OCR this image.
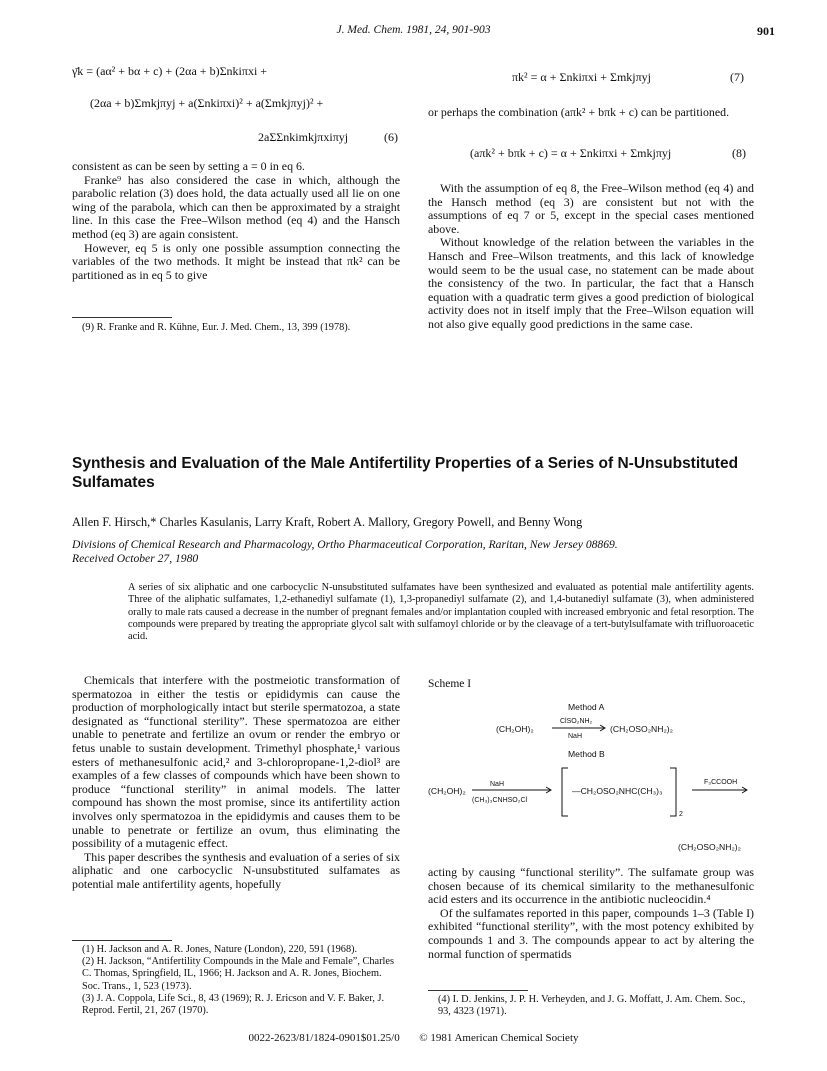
J. Med. Chem. 1981, 24, 901-903	901
γ̄k = (aα² + bα + c) + (2αa + b)Σnkiπxi +
(2αa + b)Σmkjπyj + a(Σnkiπxi)² + a(Σmkjπyj)² +
2aΣΣnkimkjπxiπyj	(6)

consistent as can be seen by setting a = 0 in eq 6.

Franke⁹ has also considered the case in which, although the parabolic relation (3) does hold, the data actually used all lie on one wing of the parabola, which can then be approximated by a straight line. In this case the Free–Wilson method (eq 4) and the Hansch method (eq 3) are again consistent.

However, eq 5 is only one possible assumption connecting the variables of the two methods. It might be instead that πk² can be partitioned as in eq 5 to give

(9) R. Franke and R. Kühne, Eur. J. Med. Chem., 13, 399 (1978).
πk² = α + Σnkiπxi + Σmkjπyj	(7)
or perhaps the combination (aπk² + bπk + c) can be partitioned.
(aπk² + bπk + c) = α + Σnkiπxi + Σmkjπyj	(8)

With the assumption of eq 8, the Free–Wilson method (eq 4) and the Hansch method (eq 3) are consistent but not with the assumptions of eq 7 or 5, except in the special cases mentioned above.

Without knowledge of the relation between the variables in the Hansch and Free–Wilson treatments, and this lack of knowledge would seem to be the usual case, no statement can be made about the consistency of the two. In particular, the fact that a Hansch equation with a quadratic term gives a good prediction of biological activity does not in itself imply that the Free–Wilson equation will not also give equally good predictions in the same case.

Synthesis and Evaluation of the Male Antifertility Properties of a Series of N-Unsubstituted Sulfamates
Allen F. Hirsch,* Charles Kasulanis, Larry Kraft, Robert A. Mallory, Gregory Powell, and Benny Wong
Divisions of Chemical Research and Pharmacology, Ortho Pharmaceutical Corporation, Raritan, New Jersey 08869.
Received October 27, 1980
A series of six aliphatic and one carbocyclic N-unsubstituted sulfamates have been synthesized and evaluated as potential male antifertility agents. Three of the aliphatic sulfamates, 1,2-ethanediyl sulfamate (1), 1,3-propanediyl sulfamate (2), and 1,4-butanediyl sulfamate (3), when administered orally to male rats caused a decrease in the number of pregnant females and/or implantation coupled with increased embryonic and fetal resorption. The compounds were prepared by treating the appropriate glycol salt with sulfamoyl chloride or by the cleavage of a tert-butylsulfamate with trifluoroacetic acid.

Chemicals that interfere with the postmeiotic transformation of spermatozoa in either the testis or epididymis can cause the production of morphologically intact but sterile spermatozoa, a state designated as “functional sterility”. These spermatozoa are either unable to penetrate and fertilize an ovum or render the embryo or fetus unable to sustain development. Trimethyl phosphate,¹ various esters of methanesulfonic acid,² and 3-chloropropane-1,2-diol³ are examples of a few classes of compounds which have been shown to produce “functional sterility” in animal models. The latter compound has shown the most promise, since its antifertility action involves only spermatozoa in the epididymis and causes them to be unable to penetrate or fertilize an ovum, thus eliminating the possibility of a mutagenic effect.

This paper describes the synthesis and evaluation of a series of six aliphatic and one carbocyclic N-unsubstituted sulfamates as potential male antifertility agents, hopefully

(1) H. Jackson and A. R. Jones, Nature (London), 220, 591 (1968).
(2) H. Jackson, “Antifertility Compounds in the Male and Female”, Charles C. Thomas, Springfield, IL, 1966; H. Jackson and A. R. Jones, Biochem. Soc. Trans., 1, 523 (1973).
(3) J. A. Coppola, Life Sci., 8, 43 (1969); R. J. Ericson and V. F. Baker, J. Reprod. Fertil, 21, 267 (1970).
Scheme I
Method A
(CH₂OH)₂
ClSO₂NH₂
NaH
(CH₂OSO₂NH₂)₂
Method B
(CH₂OH)₂
NaH
(CH₃)₃CNHSO₂Cl
—CH₂OSO₂NHC(CH₃)₃
2
F₃CCOOH
(CH₂OSO₂NH₂)₂

acting by causing “functional sterility”. The sulfamate group was chosen because of its chemical similarity to the methanesulfonic acid esters and its occurrence in the antibiotic nucleocidin.⁴

Of the sulfamates reported in this paper, compounds 1–3 (Table I) exhibited “functional sterility”, with the most potency exhibited by compounds 1 and 3. The compounds appear to act by altering the normal function of spermatids

(4) I. D. Jenkins, J. P. H. Verheyden, and J. G. Moffatt, J. Am. Chem. Soc., 93, 4323 (1971).
0022-2623/81/1824-0901$01.25/0 © 1981 American Chemical Society
